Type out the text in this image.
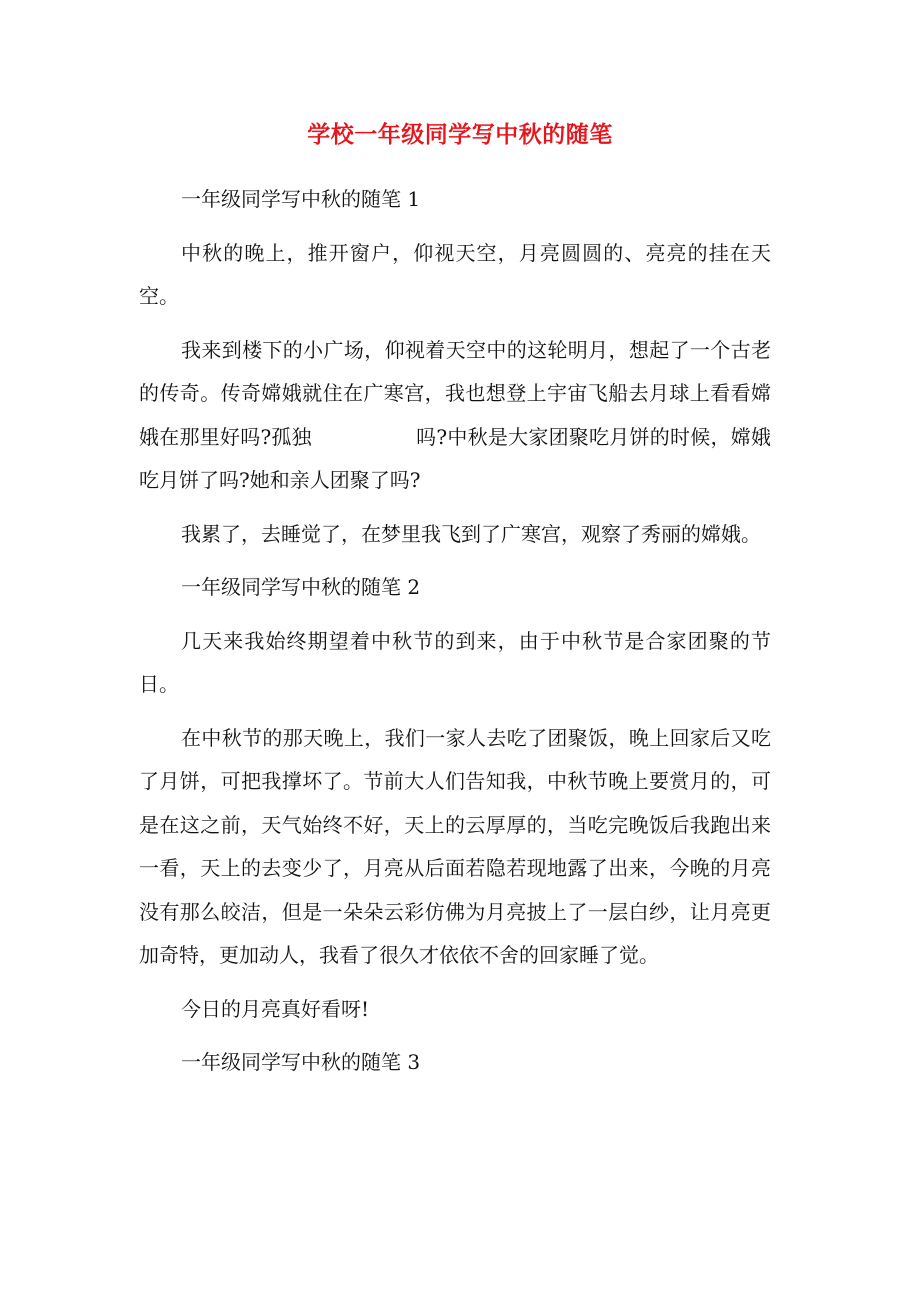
学校一年级同学写中秋的随笔

一年级同学写中秋的随笔 1

中秋的晚上，推开窗户，仰视天空，月亮圆圆的、亮亮的挂在天空。

我来到楼下的小广场，仰视着天空中的这轮明月，想起了一个古老的传奇。传奇嫦娥就住在广寒宫，我也想登上宇宙飞船去月球上看看嫦娥在那里好吗?孤独	吗?中秋是大家团聚吃月饼的时候，嫦娥吃月饼了吗?她和亲人团聚了吗?

我累了，去睡觉了，在梦里我飞到了广寒宫，观察了秀丽的嫦娥。

一年级同学写中秋的随笔 2

几天来我始终期望着中秋节的到来，由于中秋节是合家团聚的节日。

在中秋节的那天晚上，我们一家人去吃了团聚饭，晚上回家后又吃了月饼，可把我撑坏了。节前大人们告知我，中秋节晚上要赏月的，可是在这之前，天气始终不好，天上的云厚厚的，当吃完晚饭后我跑出来一看，天上的去变少了，月亮从后面若隐若现地露了出来，今晚的月亮没有那么皎洁，但是一朵朵云彩仿佛为月亮披上了一层白纱，让月亮更加奇特，更加动人，我看了很久才依依不舍的回家睡了觉。

今日的月亮真好看呀!

一年级同学写中秋的随笔 3
